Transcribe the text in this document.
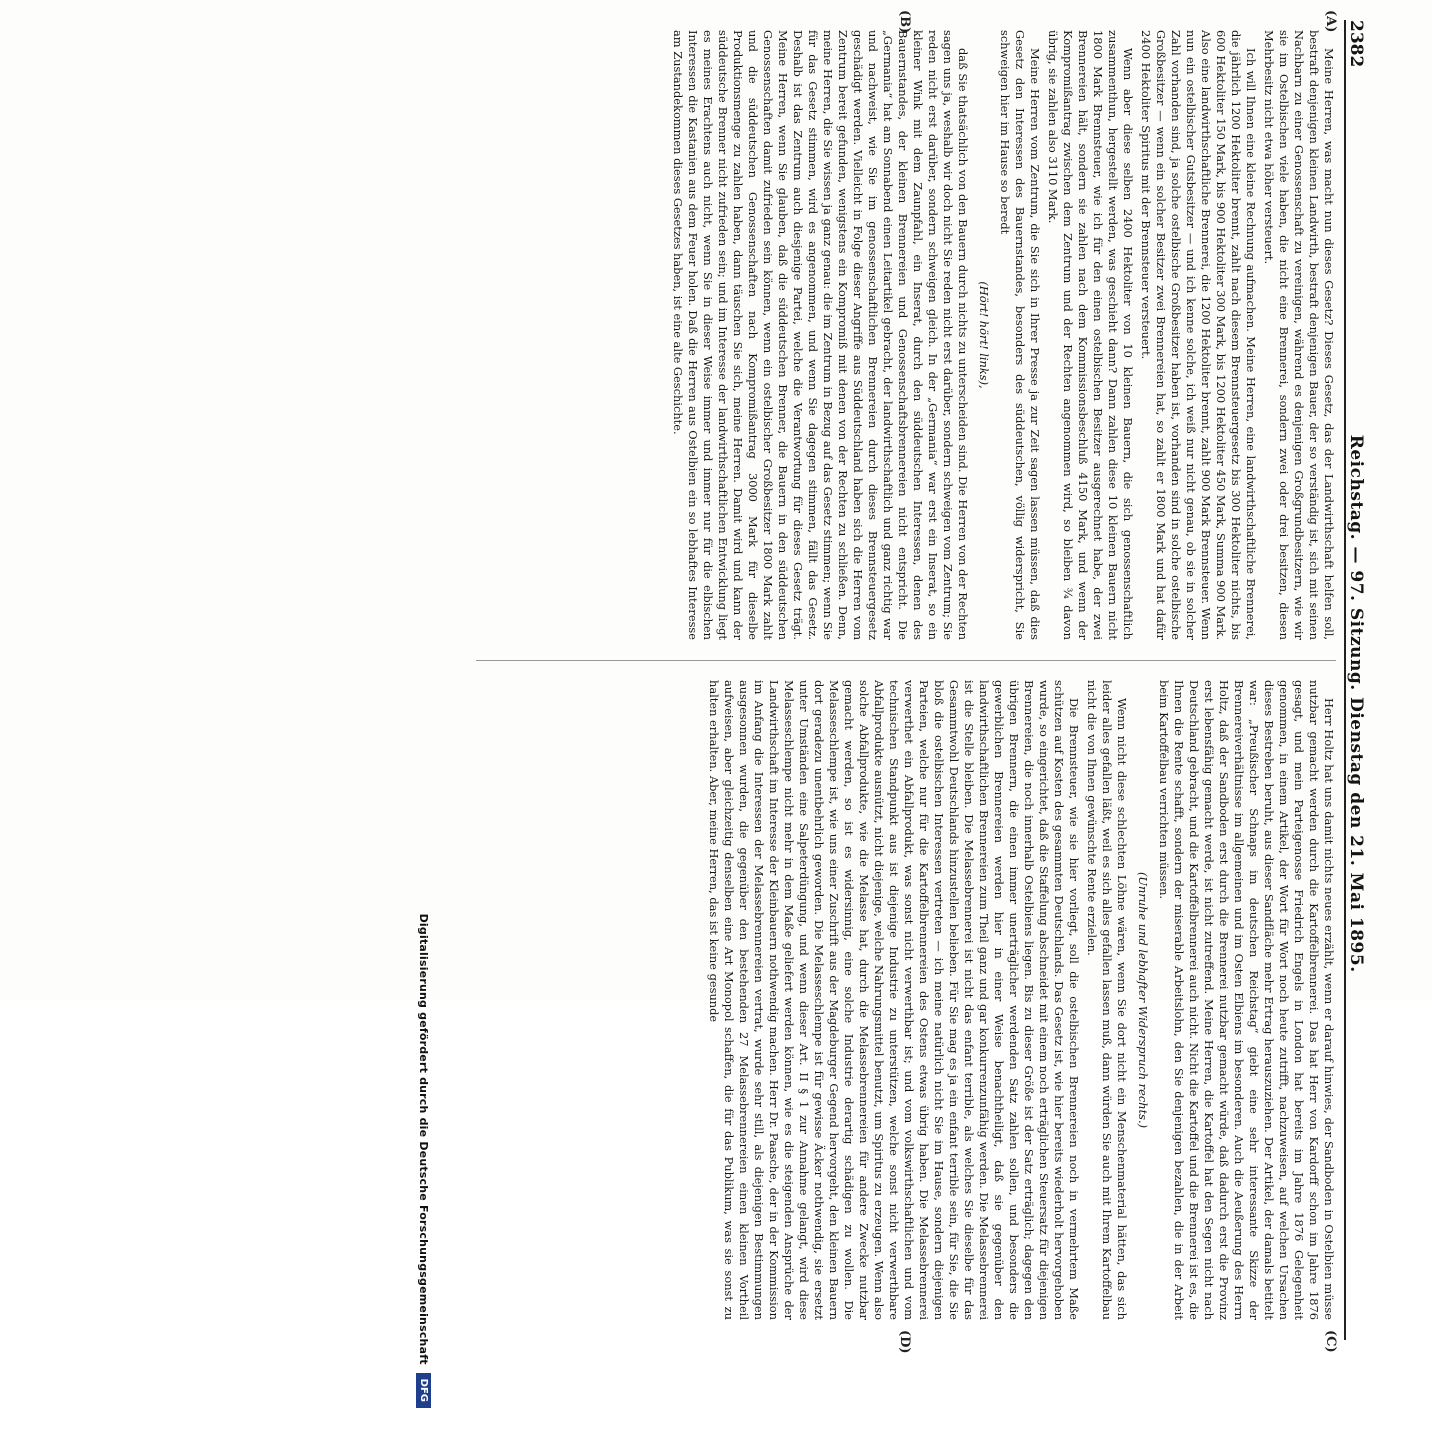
2382
Reichstag. — 97. Sitzung. Dienstag den 21. Mai 1895.
(A)
(B)
(C)
(D)

Meine Herren, was macht nun dieses Gesetz? Dieses Gesetz, das der Landwirthschaft helfen soll, bestraft denjenigen kleinen Landwirth, bestraft denjenigen Bauer, der so verständig ist, sich mit seinen Nachbarn zu einer Genossenschaft zu vereinigen, während es denjenigen Großgrundbesitzern, wie wir sie im Ostelbischen viele haben, die nicht eine Brennerei, sondern zwei oder drei besitzen, diesen Mehrbesitz nicht etwa höher versteuert.

Ich will Ihnen eine kleine Rechnung aufmachen. Meine Herren, eine landwirthschaftliche Brennerei, die jährlich 1200 Hektoliter brennt, zahlt nach diesem Brennsteuergesetz bis 300 Hektoliter nichts, bis 600 Hektoliter 150 Mark, bis 900 Hektoliter 300 Mark, bis 1200 Hektoliter 450 Mark, Summa 900 Mark. Also eine landwirthschaftliche Brennerei, die 1200 Hektoliter brennt, zahlt 900 Mark Brennsteuer. Wenn nun ein ostelbischer Gutsbesitzer — und ich kenne solche, ich weiß nur nicht genau, ob sie in solcher Zahl vorhanden sind, ja solche ostelbische Großbesitzer haben ist, vorhanden sind in solche ostelbische Großbesitzer — wenn ein solcher Besitzer zwei Brennereien hat, so zahlt er 1800 Mark und hat dafür 2400 Hektoliter Spiritus mit der Brennsteuer versteuert.

Wenn aber diese selben 2400 Hektoliter von 10 kleinen Bauern, die sich genossenschaftlich zusammenthun, hergestellt werden, was geschieht dann? Dann zahlen diese 10 kleinen Bauern nicht 1800 Mark Brennsteuer, wie ich für den einen ostelbischen Besitzer ausgerechnet habe, der zwei Brennereien hält, sondern sie zahlen nach dem Kommissionsbeschluß 4150 Mark, und wenn der Kompromißantrag zwischen dem Zentrum und der Rechten angenommen wird, so bleiben ¾ davon übrig, sie zahlen also 3110 Mark.

Meine Herren vom Zentrum, die Sie sich in Ihrer Presse ja zur Zeit sagen lassen müssen, daß dies Gesetz den Interessen des Bauernstandes, besonders des süddeutschen, völlig widerspricht, Sie schweigen hier im Hause so beredt

(Hört! hört! links),

daß Sie thatsächlich von den Bauern durch nichts zu unterscheiden sind. Die Herren von der Rechten sagen uns ja, weshalb wir doch nicht Sie reden nicht erst darüber, sondern schweigen vom Zentrum; Sie reden nicht erst darüber, sondern schweigen gleich. In der „Germania“ war erst ein Inserat, so ein kleiner Wink mit dem Zaunpfahl, ein Inserat, durch den süddeutschen Interessen, denen des Bauernstandes, der kleinen Brennereien und Genossenschaftsbrennereien nicht entspricht. Die „Germania“ hat am Sonnabend einen Leitartikel gebracht, der landwirthschaftlich und ganz richtig war und nachweist, wie Sie im genossenschaftlichen Brennereien durch dieses Brennsteuergesetz geschädigt werden. Vielleicht in Folge dieser Angriffe aus Süddeutschland haben sich die Herren vom Zentrum bereit gefunden, wenigstens ein Kompromiß mit denen von der Rechten zu schließen. Denn, meine Herren, die Sie wissen ja ganz genau: die im Zentrum in Bezug auf das Gesetz stimmen; wenn Sie für das Gesetz stimmen, wird es angenommen, und wenn Sie dagegen stimmen, fällt das Gesetz. Deshalb ist das Zentrum auch diesjenige Partei, welche die Verantwortung für dieses Gesetz trägt. Meine Herren, wenn Sie glauben, daß die süddeutschen Brenner, die Bauern in den süddeutschen Genossenschaften damit zufrieden sein können, wenn ein ostelbischer Großbesitzer 1800 Mark zahlt und die süddeutschen Genossenschaften nach Kompromißantrag 3000 Mark für dieselbe Produktionsmenge zu zahlen haben, dann täuschen Sie sich, meine Herren. Damit wird und kann der süddeutsche Brenner nicht zufrieden sein; und im Interesse der landwirthschaftlichen Entwicklung liegt es meines Erachtens auch nicht, wenn Sie in dieser Weise immer und immer nur für die elbischen Interessen die Kastanien aus dem Feuer holen. Daß die Herren aus Ostelbien ein so lebhaftes Interesse am Zustandekommen dieses Gesetzes haben, ist eine alte Geschichte.

Herr Holtz hat uns damit nichts neues erzählt, wenn er darauf hinwies, der Sandboden in Ostelbien müsse nutzbar gemacht werden durch die Kartoffelbrennerei. Das hat Herr von Kardorff schon im Jahre 1876 gesagt, und mein Parteigenosse Friedrich Engels in London hat bereits im Jahre 1876 Gelegenheit genommen, in einem Artikel, der Wort für Wort noch heute zutrifft, nachzuweisen, auf welchen Ursachen dieses Bestreben beruht, aus dieser Sandfläche mehr Ertrag herauszuziehen. Der Artikel, der damals betitelt war: „Preußischer Schnaps im deutschen Reichstag“ giebt eine sehr interessante Skizze der Brennereiverhältnisse im allgemeinen und im Osten Elbiens im besonderen. Auch die Aeußerung des Herrn Holtz, daß der Sandboden erst durch die Brennerei nutzbar gemacht würde, daß dadurch erst die Provinz erst lebensfähig gemacht werde, ist nicht zutreffend. Meine Herren, die Kartoffel hat den Segen nicht nach Deutschland gebracht, und die Kartoffelbrennerei auch nicht. Nicht die Kartoffel und die Brennerei ist es, die Ihnen die Rente schafft, sondern der miserable Arbeitslohn, den Sie denjenigen bezahlen, die in der Arbeit beim Kartoffelbau verrichten müssen.

(Unruhe und lebhafter Widerspruch rechts.)

Wenn nicht diese schlechten Löhne wären, wenn Sie dort nicht ein Menschenmaterial hätten, das sich leider alles gefallen läßt, weil es sich alles gefallen lassen muß, dann würden Sie auch mit Ihrem Kartoffelbau nicht die von Ihnen gewünschte Rente erzielen.

Die Brennsteuer, wie sie hier vorliegt, soll die ostelbischen Brennereien noch in vermehrtem Maße schützen auf Kosten des gesammten Deutschlands. Das Gesetz ist, wie hier bereits wiederholt hervorgehoben wurde, so eingerichtet, daß die Staffelung abschneidet mit einem noch erträglichen Steuersatz für diejenigen Brennereien, die noch innerhalb Ostelbiens liegen. Bis zu dieser Größe ist der Satz erträglich; dagegen den übrigen Brennern, die einen immer unerträglicher werdenden Satz zahlen sollen, und besonders die gewerblichen Brennereien werden hier in einer Weise benachtheiligt, daß sie gegenüber den landwirthschaftlichen Brennereien zum Theil ganz und gar konkurrenzunfähig werden. Die Melassebrennerei ist die Stelle bleiben. Die Melassebrennerei ist nicht das enfant terrible, als welches Sie dieselbe für das Gesammtwohl Deutschlands hinzustellen belieben. Für Sie mag es ja ein enfant terrible sein, für Sie, die Sie bloß die ostelbischen Interessen vertreten — ich meine natürlich nicht Sie im Hause, sondern diejenigen Parteien, welche nur für die Kartoffelbrennereien des Ostens etwas übrig haben. Die Melassebrennerei verwerthet ein Abfallprodukt, was sonst nicht verwerthbar ist; und vom volkswirthschaftlichen und vom technischen Standpunkt aus ist diejenige Industrie zu unterstützen, welche sonst nicht verwerthbare Abfallprodukte ausnützt, nicht diejenige, welche Nahrungsmittel benutzt, um Spiritus zu erzeugen. Wenn also solche Abfallprodukte, wie die Melasse hat, durch die Melassebrennereien für andere Zwecke nutzbar gemacht werden, so ist es widersinnig, eine solche Industrie derartig schädigen zu wollen. Die Melasseschlempe ist, wie uns einer Zuschrift aus der Magdeburger Gegend hervorgeht, den kleinen Bauern dort geradezu unentbehrlich geworden. Die Melasseschlempe ist für gewisse Äcker nothwendig, sie ersetzt unter Umständen eine Salpeterdüngung, und wenn dieser Art. II § 1 zur Annahme gelangt, wird diese Melasseschlempe nicht mehr in dem Maße geliefert werden können, wie es die steigenden Ansprüche der Landwirthschaft im Interesse der Kleinbauern nothwendig machen. Herr Dr. Paasche, der in der Kommission im Anfang die Interessen der Melassebrennereien vertrat, wurde sehr still, als diejenigen Bestimmungen ausgesonnen wurden, die gegenüber den bestehenden 27 Melassebrennereien einen kleinen Vortheil aufweisen, aber gleichzeitig denselben eine Art Monopol schaffen, die für das Publikum, was sie sonst zu halten erhalten. Aber, meine Herren, das ist keine gesunde

Digitalisierung gefördert durch die Deutsche Forschungsgemeinschaft
DFG
